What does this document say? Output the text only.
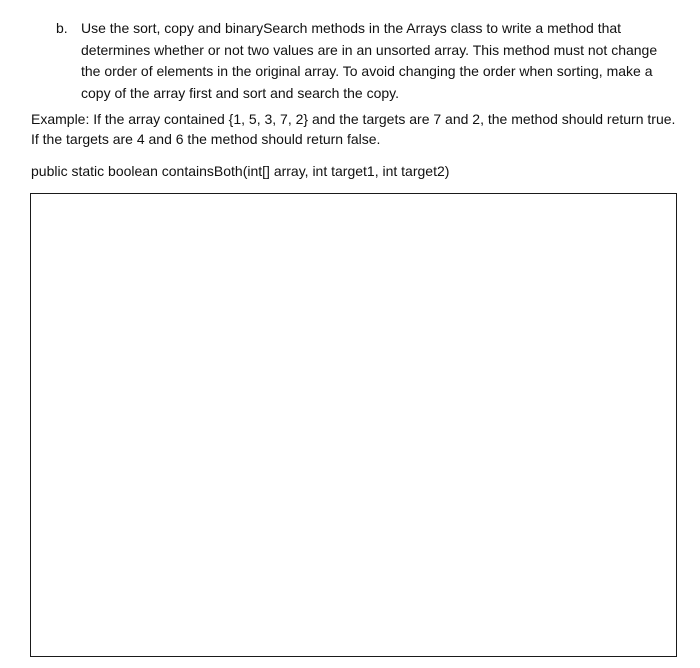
b. Use the sort, copy and binarySearch methods in the Arrays class to write a method that determines whether or not two values are in an unsorted array. This method must not change the order of elements in the original array. To avoid changing the order when sorting, make a copy of the array first and sort and search the copy.
Example: If the array contained {1, 5, 3, 7, 2} and the targets are 7 and 2, the method should return true.
If the targets are 4 and 6 the method should return false.
public static boolean containsBoth(int[] array, int target1, int target2)
